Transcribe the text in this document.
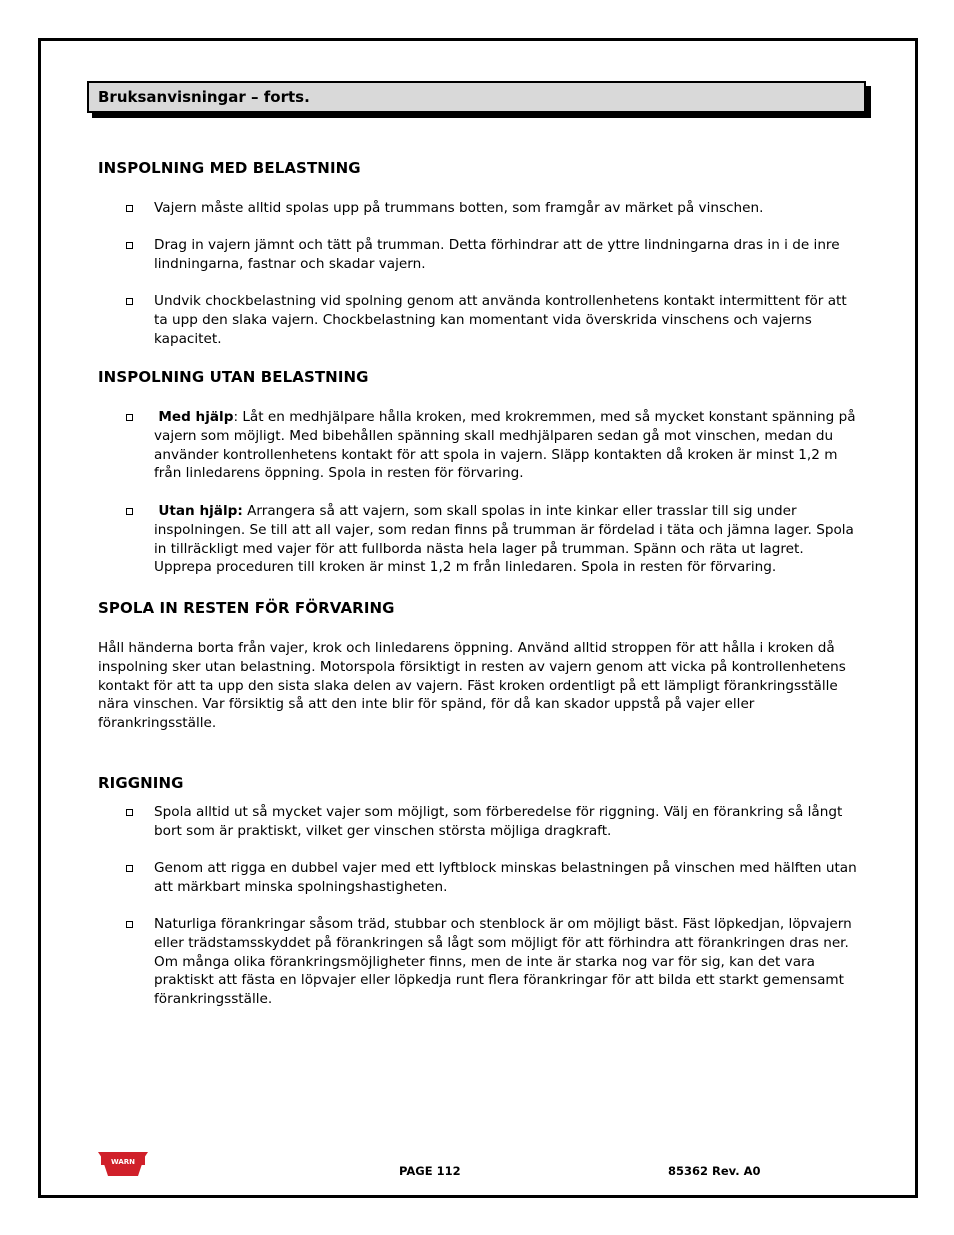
Bruksanvisningar – forts.
INSPOLNING MED BELASTNING
Vajern måste alltid spolas upp på trummans botten, som framgår av märket på vinschen.
Drag in vajern jämnt och tätt på trumman. Detta förhindrar att de yttre lindningarna dras in i de inre lindningarna, fastnar och skadar vajern.
Undvik chockbelastning vid spolning genom att använda kontrollenhetens kontakt intermittent för att ta upp den slaka vajern. Chockbelastning kan momentant vida överskrida vinschens och vajerns kapacitet.
INSPOLNING UTAN BELASTNING
Med hjälp: Låt en medhjälpare hålla kroken, med krokremmen, med så mycket konstant spänning på vajern som möjligt. Med bibehållen spänning skall medhjälparen sedan gå mot vinschen, medan du använder kontrollenhetens kontakt för att spola in vajern. Släpp kontakten då kroken är minst 1,2 m från linledarens öppning. Spola in resten för förvaring.
Utan hjälp: Arrangera så att vajern, som skall spolas in inte kinkar eller trasslar till sig under inspolningen. Se till att all vajer, som redan finns på trumman är fördelad i täta och jämna lager. Spola in tillräckligt med vajer för att fullborda nästa hela lager på trumman. Spänn och räta ut lagret. Upprepa proceduren till kroken är minst 1,2 m från linledaren. Spola in resten för förvaring.
SPOLA IN RESTEN FÖR FÖRVARING
Håll händerna borta från vajer, krok och linledarens öppning. Använd alltid stroppen för att hålla i kroken då inspolning sker utan belastning. Motorspola försiktigt in resten av vajern genom att vicka på kontrollenhetens kontakt för att ta upp den sista slaka delen av vajern. Fäst kroken ordentligt på ett lämpligt förankringsställe nära vinschen. Var försiktig så att den inte blir för spänd, för då kan skador uppstå på vajer eller förankringsställe.
RIGGNING
Spola alltid ut så mycket vajer som möjligt, som förberedelse för riggning. Välj en förankring så långt bort som är praktiskt, vilket ger vinschen största möjliga dragkraft.
Genom att rigga en dubbel vajer med ett lyftblock minskas belastningen på vinschen med hälften utan att märkbart minska spolningshastigheten.
Naturliga förankringar såsom träd, stubbar och stenblock är om möjligt bäst. Fäst löpkedjan, löpvajern eller trädstamsskyddet på förankringen så lågt som möjligt för att förhindra att förankringen dras ner. Om många olika förankringsmöjligheter finns, men de inte är starka nog var för sig, kan det vara praktiskt att fästa en löpvajer eller löpkedja runt flera förankringar för att bilda ett starkt gemensamt förankringsställe.
WARN
PAGE 112	85362 Rev. A0
